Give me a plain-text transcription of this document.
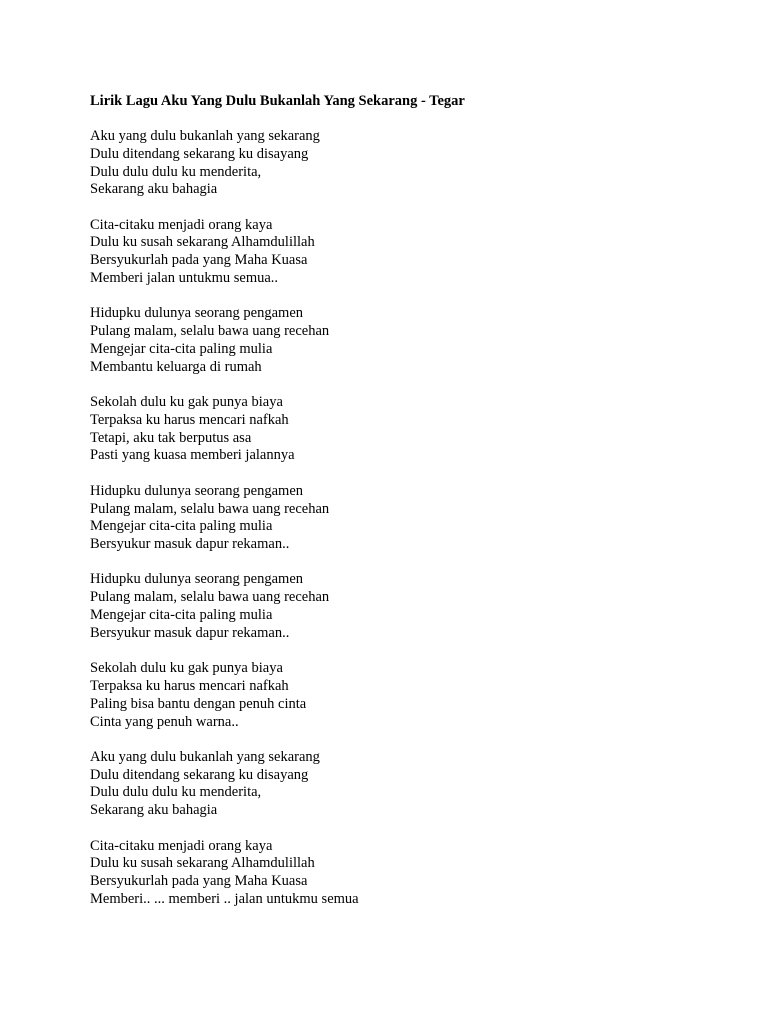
Lirik Lagu Aku Yang Dulu Bukanlah Yang Sekarang - Tegar
Aku yang dulu bukanlah yang sekarang
Dulu ditendang sekarang ku disayang
Dulu dulu dulu ku menderita,
Sekarang aku bahagia
Cita-citaku menjadi orang kaya
Dulu ku susah sekarang Alhamdulillah
Bersyukurlah pada yang Maha Kuasa
Memberi jalan untukmu semua..
Hidupku dulunya seorang pengamen
Pulang malam, selalu bawa uang recehan
Mengejar cita-cita paling mulia
Membantu keluarga di rumah
Sekolah dulu ku gak punya biaya
Terpaksa ku harus mencari nafkah
Tetapi, aku tak berputus asa
Pasti yang kuasa memberi jalannya
Hidupku dulunya seorang pengamen
Pulang malam, selalu bawa uang recehan
Mengejar cita-cita paling mulia
Bersyukur masuk dapur rekaman..
Hidupku dulunya seorang pengamen
Pulang malam, selalu bawa uang recehan
Mengejar cita-cita paling mulia
Bersyukur masuk dapur rekaman..
Sekolah dulu ku gak punya biaya
Terpaksa ku harus mencari nafkah
Paling bisa bantu dengan penuh cinta
Cinta yang penuh warna..
Aku yang dulu bukanlah yang sekarang
Dulu ditendang sekarang ku disayang
Dulu dulu dulu ku menderita,
Sekarang aku bahagia
Cita-citaku menjadi orang kaya
Dulu ku susah sekarang Alhamdulillah
Bersyukurlah pada yang Maha Kuasa
Memberi.. ... memberi .. jalan untukmu semua
